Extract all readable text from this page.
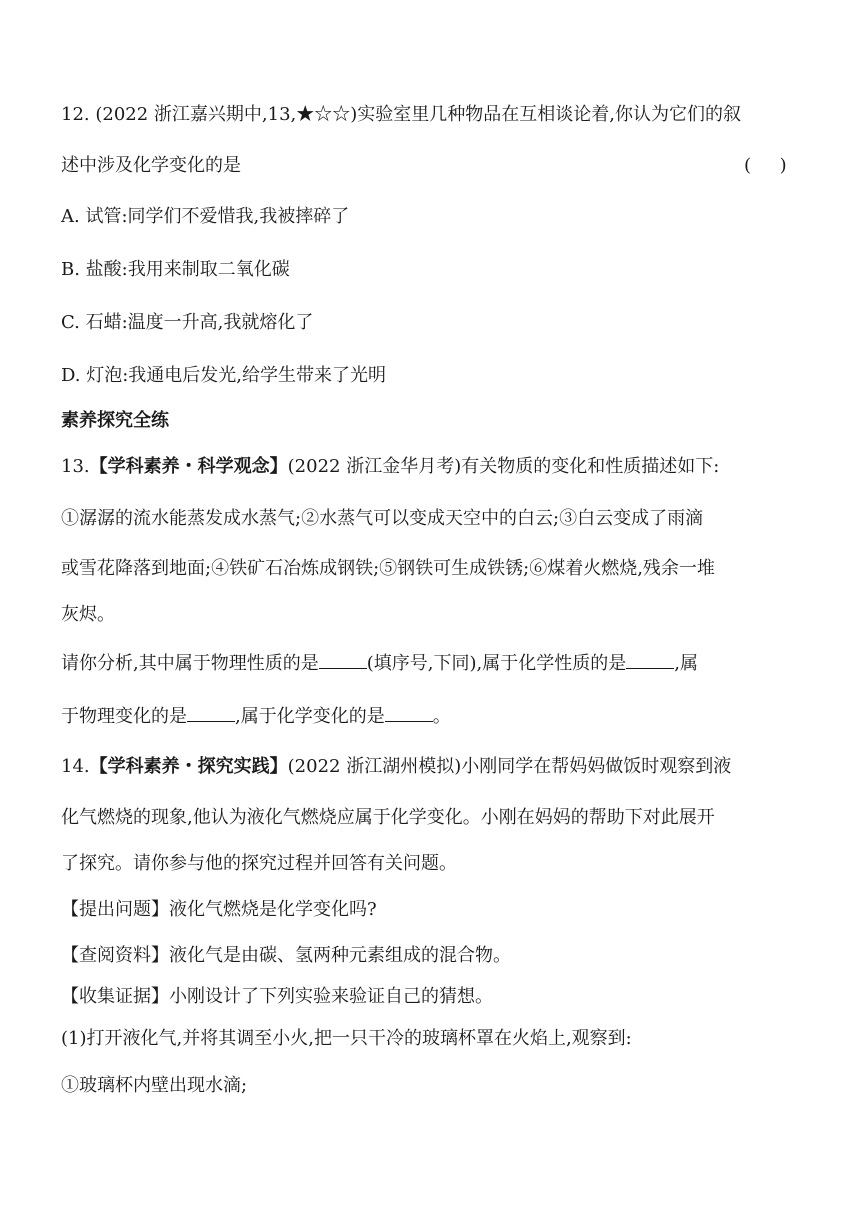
12. (2022 浙江嘉兴期中,13,★☆☆)实验室里几种物品在互相谈论着,你认为它们的叙
述中涉及化学变化的是	(     )
A. 试管:同学们不爱惜我,我被摔碎了
B. 盐酸:我用来制取二氧化碳
C. 石蜡:温度一升高,我就熔化了
D. 灯泡:我通电后发光,给学生带来了光明
素养探究全练
13.【学科素养・科学观念】(2022 浙江金华月考)有关物质的变化和性质描述如下:
①潺潺的流水能蒸发成水蒸气;②水蒸气可以变成天空中的白云;③白云变成了雨滴
或雪花降落到地面;④铁矿石冶炼成钢铁;⑤钢铁可生成铁锈;⑥煤着火燃烧,残余一堆
灰烬。
请你分析,其中属于物理性质的是	(填序号,下同),属于化学性质的是	,属
于物理变化的是	,属于化学变化的是	。
14.【学科素养・探究实践】(2022 浙江湖州模拟)小刚同学在帮妈妈做饭时观察到液
化气燃烧的现象,他认为液化气燃烧应属于化学变化。小刚在妈妈的帮助下对此展开
了探究。请你参与他的探究过程并回答有关问题。
【提出问题】液化气燃烧是化学变化吗?
【查阅资料】液化气是由碳、氢两种元素组成的混合物。
【收集证据】小刚设计了下列实验来验证自己的猜想。
(1)打开液化气,并将其调至小火,把一只干冷的玻璃杯罩在火焰上,观察到:
①玻璃杯内壁出现水滴;
